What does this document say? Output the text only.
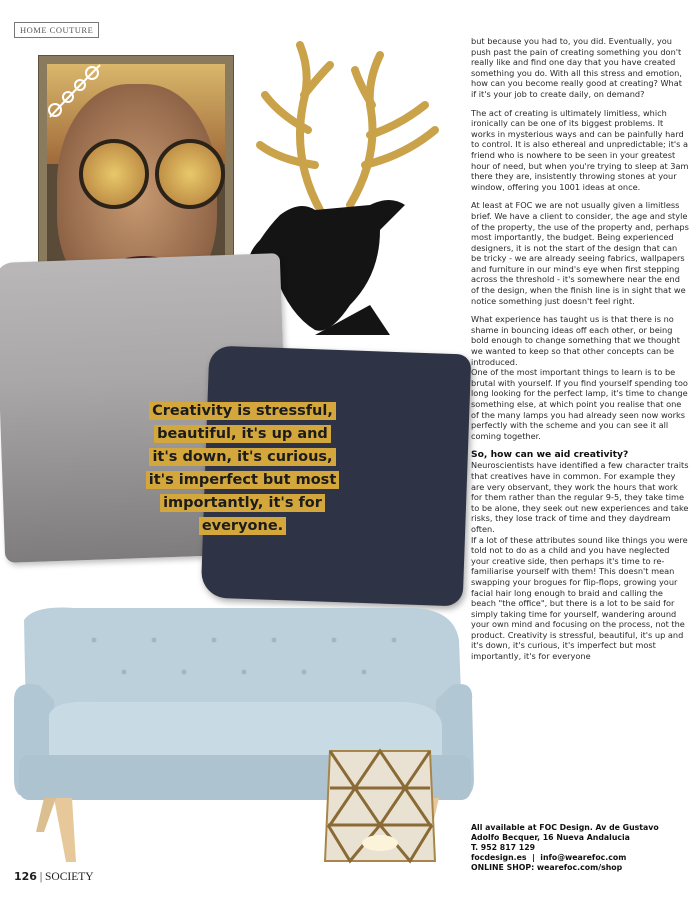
HOME COUTURE
Creativity is stressful,
beautiful, it's up and
it's down, it's curious,
it's imperfect but most
importantly, it's for
everyone.

but because you had to, you did. Eventually, you push past the pain of creating something you don't really like and find one day that you have created something you do. With all this stress and emotion, how can you become really good at creating? What if it's your job to create daily, on demand?

The act of creating is ultimately limitless, which ironically can be one of its biggest problems. It works in mysterious ways and can be painfully hard to control. It is also ethereal and unpredictable; it's a friend who is nowhere to be seen in your greatest hour of need, but when you're trying to sleep at 3am there they are, insistently throwing stones at your window, offering you 1001 ideas at once.

At least at FOC we are not usually given a limitless brief. We have a client to consider, the age and style of the property, the use of the property and, perhaps most importantly, the budget. Being experienced designers, it is not the start of the design that can be tricky - we are already seeing fabrics, wallpapers and furniture in our mind's eye when first stepping across the threshold - it's somewhere near the end of the design, when the finish line is in sight that we notice something just doesn't feel right.

What experience has taught us is that there is no shame in bouncing ideas off each other, or being bold enough to change something that we thought we wanted to keep so that other concepts can be introduced.

One of the most important things to learn is to be brutal with yourself. If you find yourself spending too long looking for the perfect lamp, it's time to change something else, at which point you realise that one of the many lamps you had already seen now works perfectly with the scheme and you can see it all coming together.

So, how can we aid creativity?

Neuroscientists have identified a few character traits that creatives have in common. For example they are very observant, they work the hours that work for them rather than the regular 9-5, they take time to be alone, they seek out new experiences and take risks, they lose track of time and they daydream often.

If a lot of these attributes sound like things you were told not to do as a child and you have neglected your creative side, then perhaps it's time to re-familiarise yourself with them! This doesn't mean swapping your brogues for flip-flops, growing your facial hair long enough to braid and calling the beach "the office", but there is a lot to be said for simply taking time for yourself, wandering around your own mind and focusing on the process, not the product. Creativity is stressful, beautiful, it's up and it's down, it's curious, it's imperfect but most importantly, it's for everyone

All available at FOC Design. Av de Gustavo
Adolfo Becquer, 16 Nueva Andalucia
T. 952 817 129
focdesign.es  |  info@wearefoc.com
ONLINE SHOP: wearefoc.com/shop
126 | SOCIETY
